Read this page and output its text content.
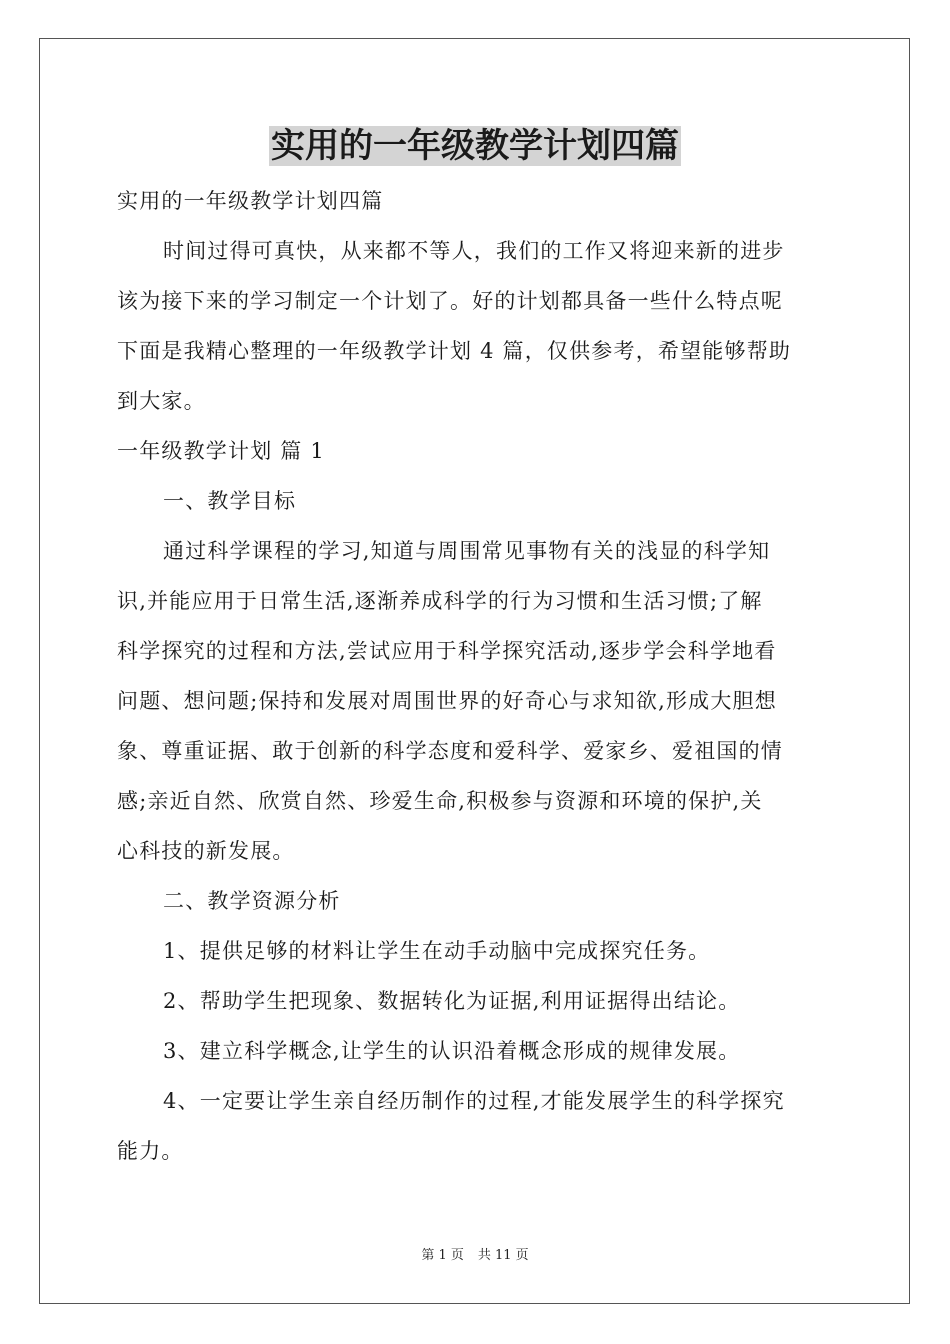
实用的一年级教学计划四篇

实用的一年级教学计划四篇

时间过得可真快，从来都不等人，我们的工作又将迎来新的进步

该为接下来的学习制定一个计划了。好的计划都具备一些什么特点呢

下面是我精心整理的一年级教学计划 4 篇，仅供参考，希望能够帮助

到大家。

一年级教学计划 篇 1

一、教学目标

通过科学课程的学习,知道与周围常见事物有关的浅显的科学知

识,并能应用于日常生活,逐渐养成科学的行为习惯和生活习惯;了解

科学探究的过程和方法,尝试应用于科学探究活动,逐步学会科学地看

问题、想问题;保持和发展对周围世界的好奇心与求知欲,形成大胆想

象、尊重证据、敢于创新的科学态度和爱科学、爱家乡、爱祖国的情

感;亲近自然、欣赏自然、珍爱生命,积极参与资源和环境的保护,关

心科技的新发展。

二、教学资源分析

1、提供足够的材料让学生在动手动脑中完成探究任务。

2、帮助学生把现象、数据转化为证据,利用证据得出结论。

3、建立科学概念,让学生的认识沿着概念形成的规律发展。

4、一定要让学生亲自经历制作的过程,才能发展学生的科学探究

能力。

第 1 页 共 11 页
